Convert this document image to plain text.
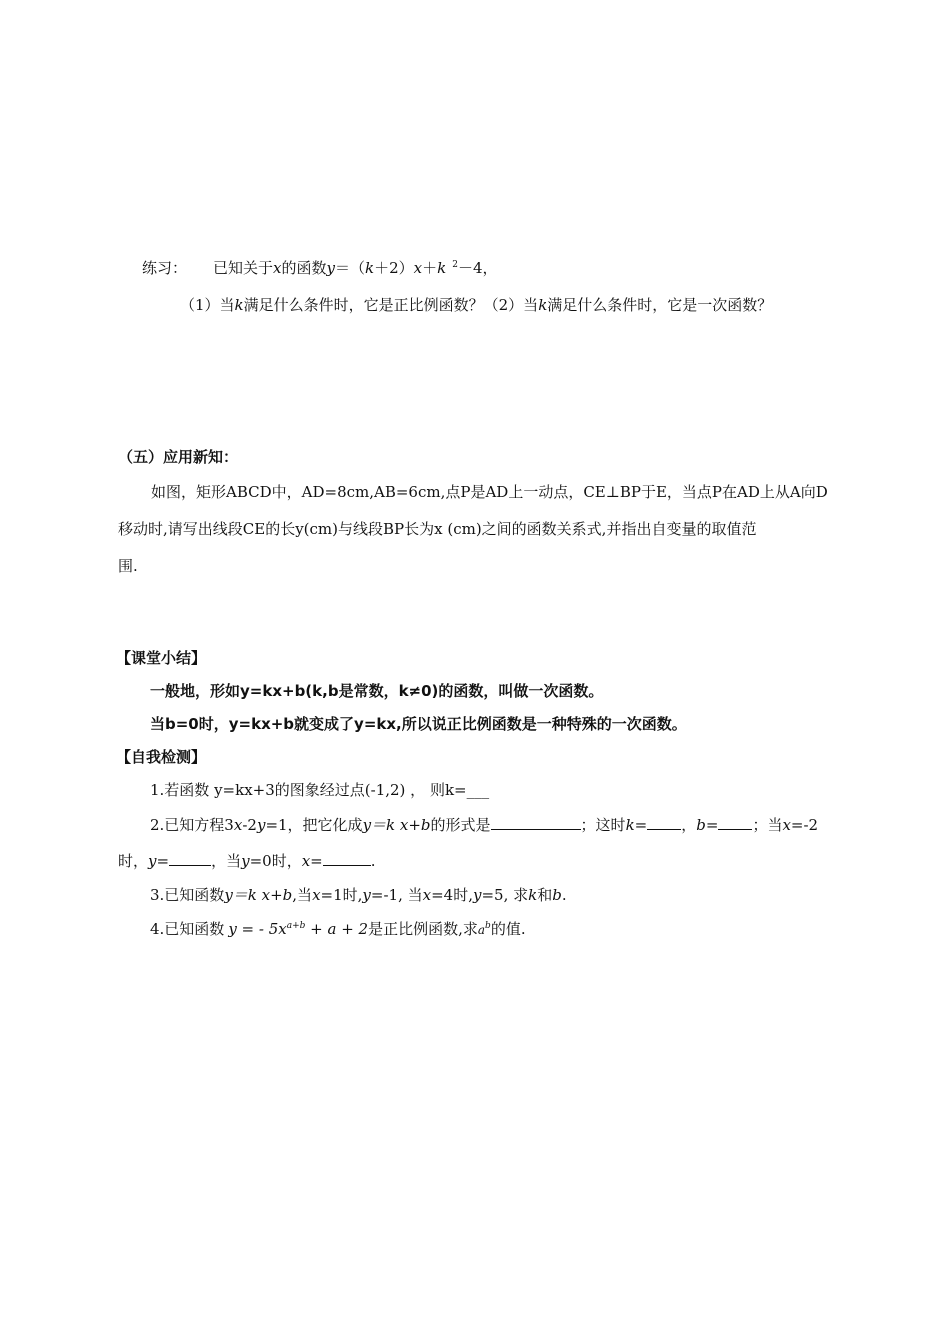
练习： 已知关于x的函数y＝（k＋2）x＋k $^2$－4，
（1）当k满足什么条件时，它是正比例函数？（2）当k满足什么条件时，它是一次函数？
（五）应用新知：
如图，矩形ABCD中，AD=8cm,AB=6cm,点P是AD上一动点，CE⊥BP于E，当点P在AD上从A向D
移动时,请写出线段CE的长y(cm)与线段BP长为x (cm)之间的函数关系式,并指出自变量的取值范
围.
【课堂小结】
一般地，形如y=kx+b(k,b是常数，k≠0)的函数，叫做一次函数。
当b=0时，y=kx+b就变成了y=kx,所以说正比例函数是一种特殊的一次函数。
【自我检测】
1.若函数 y=kx+3的图象经过点(-1,2) ， 则k=___
2.已知方程3x-2y=1，把它化成y＝k x+b的形式是	；这时k= ，b= ；当x=-2
时，y=	，当y=0时，x=	.
3.已知函数y＝k x+b,当x=1时,y=-1, 当x=4时,y=5, 求k和b.
4.已知函数 y = - $5x^{a+b} + a + 2$是正比例函数,求$a^b$的值.
